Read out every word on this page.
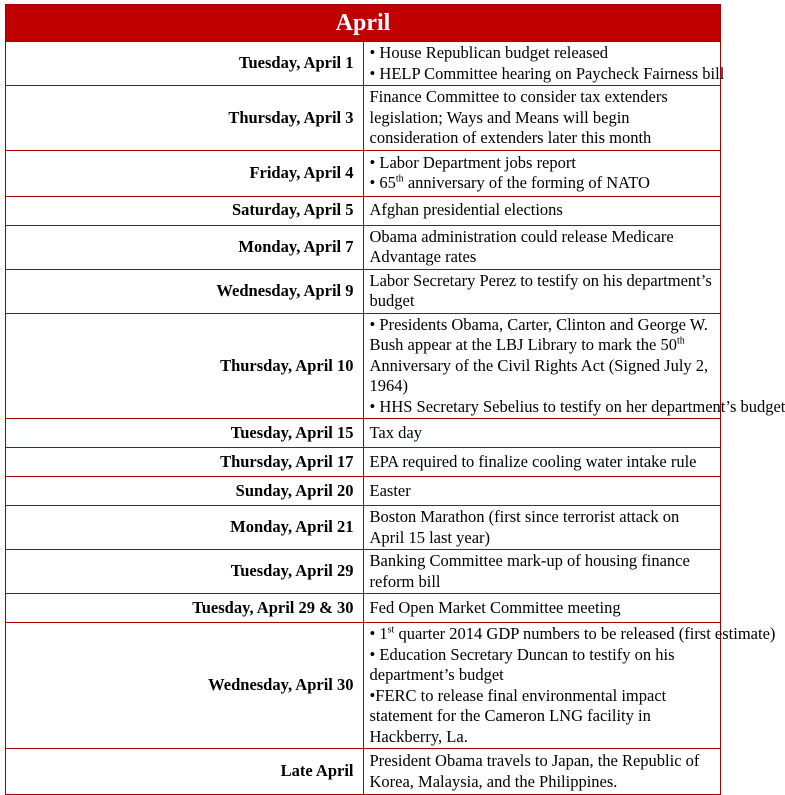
April	
Tuesday, April 1	• House Republican budget released
• HELP Committee hearing on Paycheck Fairness bill

Thursday, April 3	Finance Committee to consider tax extenders legislation; Ways and Means will begin consideration of extenders later this month

Friday, April 4	• Labor Department jobs report
• 65th anniversary of the forming of NATO

Saturday, April 5	Afghan presidential elections
Monday, April 7	Obama administration could release Medicare Advantage rates
Wednesday, April 9	Labor Secretary Perez to testify on his department’s budget
Thursday, April 10	• Presidents Obama, Carter, Clinton and George W. Bush appear at the LBJ Library to mark the 50th Anniversary of the Civil Rights Act (Signed July 2, 1964)
• HHS Secretary Sebelius to testify on her department’s budget

Tuesday, April 15	Tax day
Thursday, April 17	EPA required to finalize cooling water intake rule
Sunday, April 20	Easter
Monday, April 21	Boston Marathon (first since terrorist attack on April 15 last year)
Tuesday, April 29	Banking Committee mark-up of housing finance reform bill
Tuesday, April 29 & 30	Fed Open Market Committee meeting
Wednesday, April 30	• 1st quarter 2014 GDP numbers to be released (first estimate)
• Education Secretary Duncan to testify on his department’s budget
•FERC to release final environmental impact statement for the Cameron LNG facility in Hackberry, La.

Late April	President Obama travels to Japan, the Republic of Korea, Malaysia, and the Philippines.
